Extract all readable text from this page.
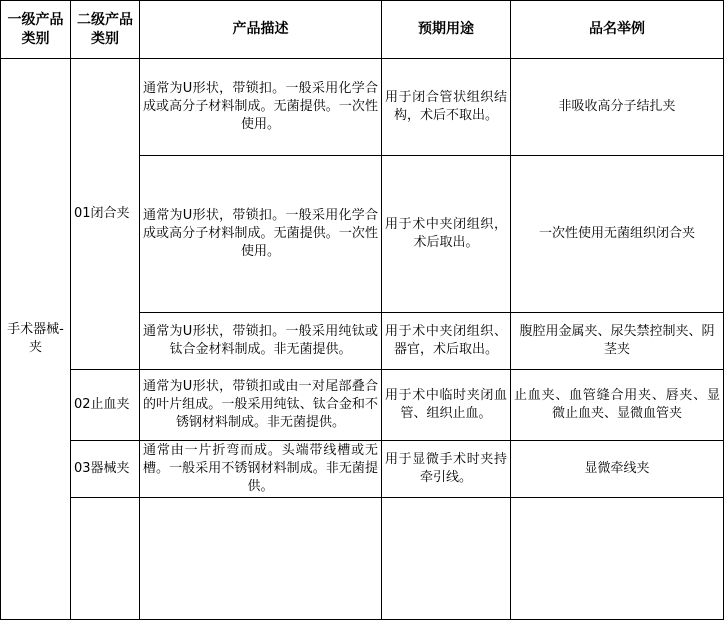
一级产品类别	二级产品类别	产品描述	预期用途	品名举例
手术器械-夹	01闭合夹	通常为U形状，带锁扣。一般采用化学合成或高分子材料制成。无菌提供。一次性使用。	用于闭合管状组织结构，术后不取出。	非吸收高分子结扎夹
		通常为U形状，带锁扣。一般采用化学合成或高分子材料制成。无菌提供。一次性使用。	用于术中夹闭组织，术后取出。	一次性使用无菌组织闭合夹
		通常为U形状，带锁扣。一般采用纯钛或钛合金材料制成。非无菌提供。	用于术中夹闭组织、器官，术后取出。	腹腔用金属夹、尿失禁控制夹、阴茎夹
	02止血夹	通常为U形状，带锁扣或由一对尾部叠合的叶片组成。一般采用纯钛、钛合金和不锈钢材料制成。非无菌提供。	用于术中临时夹闭血管、组织止血。	止血夹、血管缝合用夹、唇夹、显微止血夹、显微血管夹
	03器械夹	通常由一片折弯而成。头端带线槽或无槽。一般采用不锈钢材料制成。非无菌提供。	用于显微手术时夹持牵引线。	显微牵线夹
